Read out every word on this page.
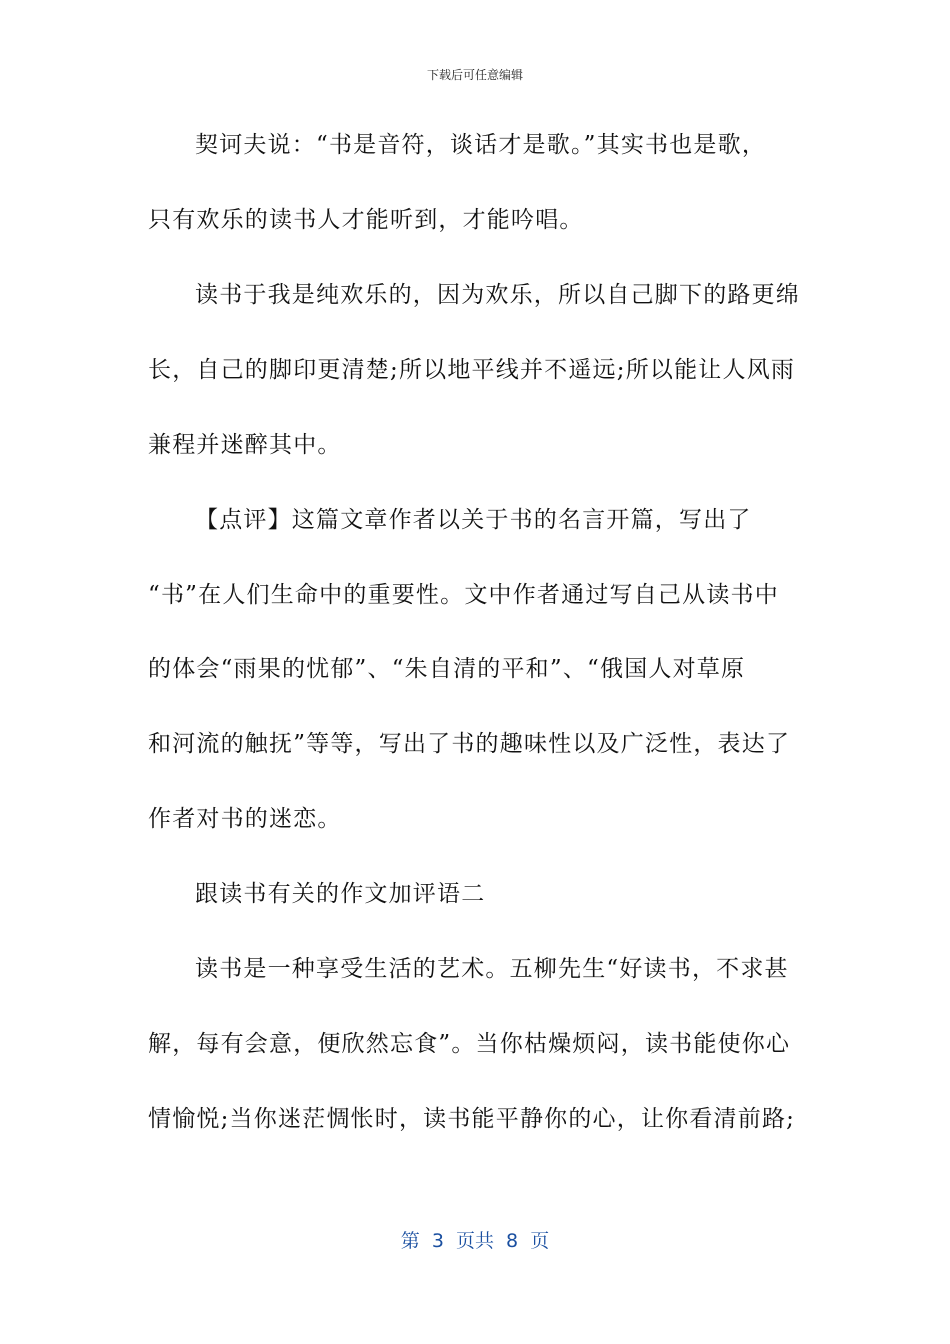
下载后可任意编辑
契诃夫说：“书是音符，谈话才是歌。”其实书也是歌，
只有欢乐的读书人才能听到，才能吟唱。
读书于我是纯欢乐的，因为欢乐，所以自己脚下的路更绵
长，自己的脚印更清楚;所以地平线并不遥远;所以能让人风雨
兼程并迷醉其中。
【点评】这篇文章作者以关于书的名言开篇，写出了
“书”在人们生命中的重要性。文中作者通过写自己从读书中
的体会“雨果的忧郁”、“朱自清的平和”、“俄国人对草原
和河流的触抚”等等，写出了书的趣味性以及广泛性，表达了
作者对书的迷恋。
跟读书有关的作文加评语二
读书是一种享受生活的艺术。五柳先生“好读书，不求甚
解，每有会意，便欣然忘食”。当你枯燥烦闷，读书能使你心
情愉悦;当你迷茫惆怅时，读书能平静你的心，让你看清前路;
第 3 页共 8 页
